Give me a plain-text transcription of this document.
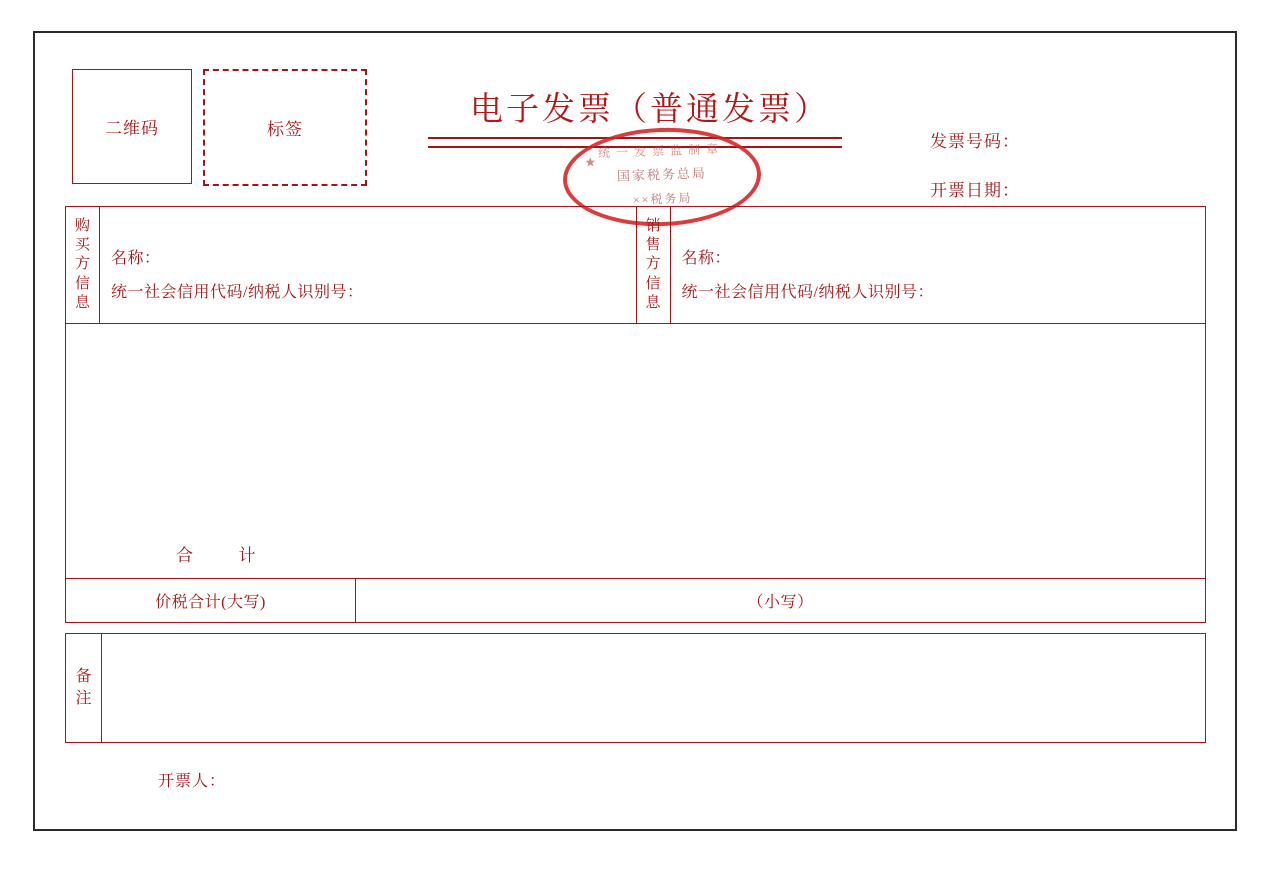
二维码	标签
电子发票（普通发票）
★
统一发票监制章
国家税务总局
××税务局
发票号码：
开票日期：
购
买
方
信
息
名称：
统一社会信用代码/纳税人识别号：
销
售
方
信
息
名称：
统一社会信用代码/纳税人识别号：
合	计
价税合计(大写)	（小写）
备
注
开票人：
